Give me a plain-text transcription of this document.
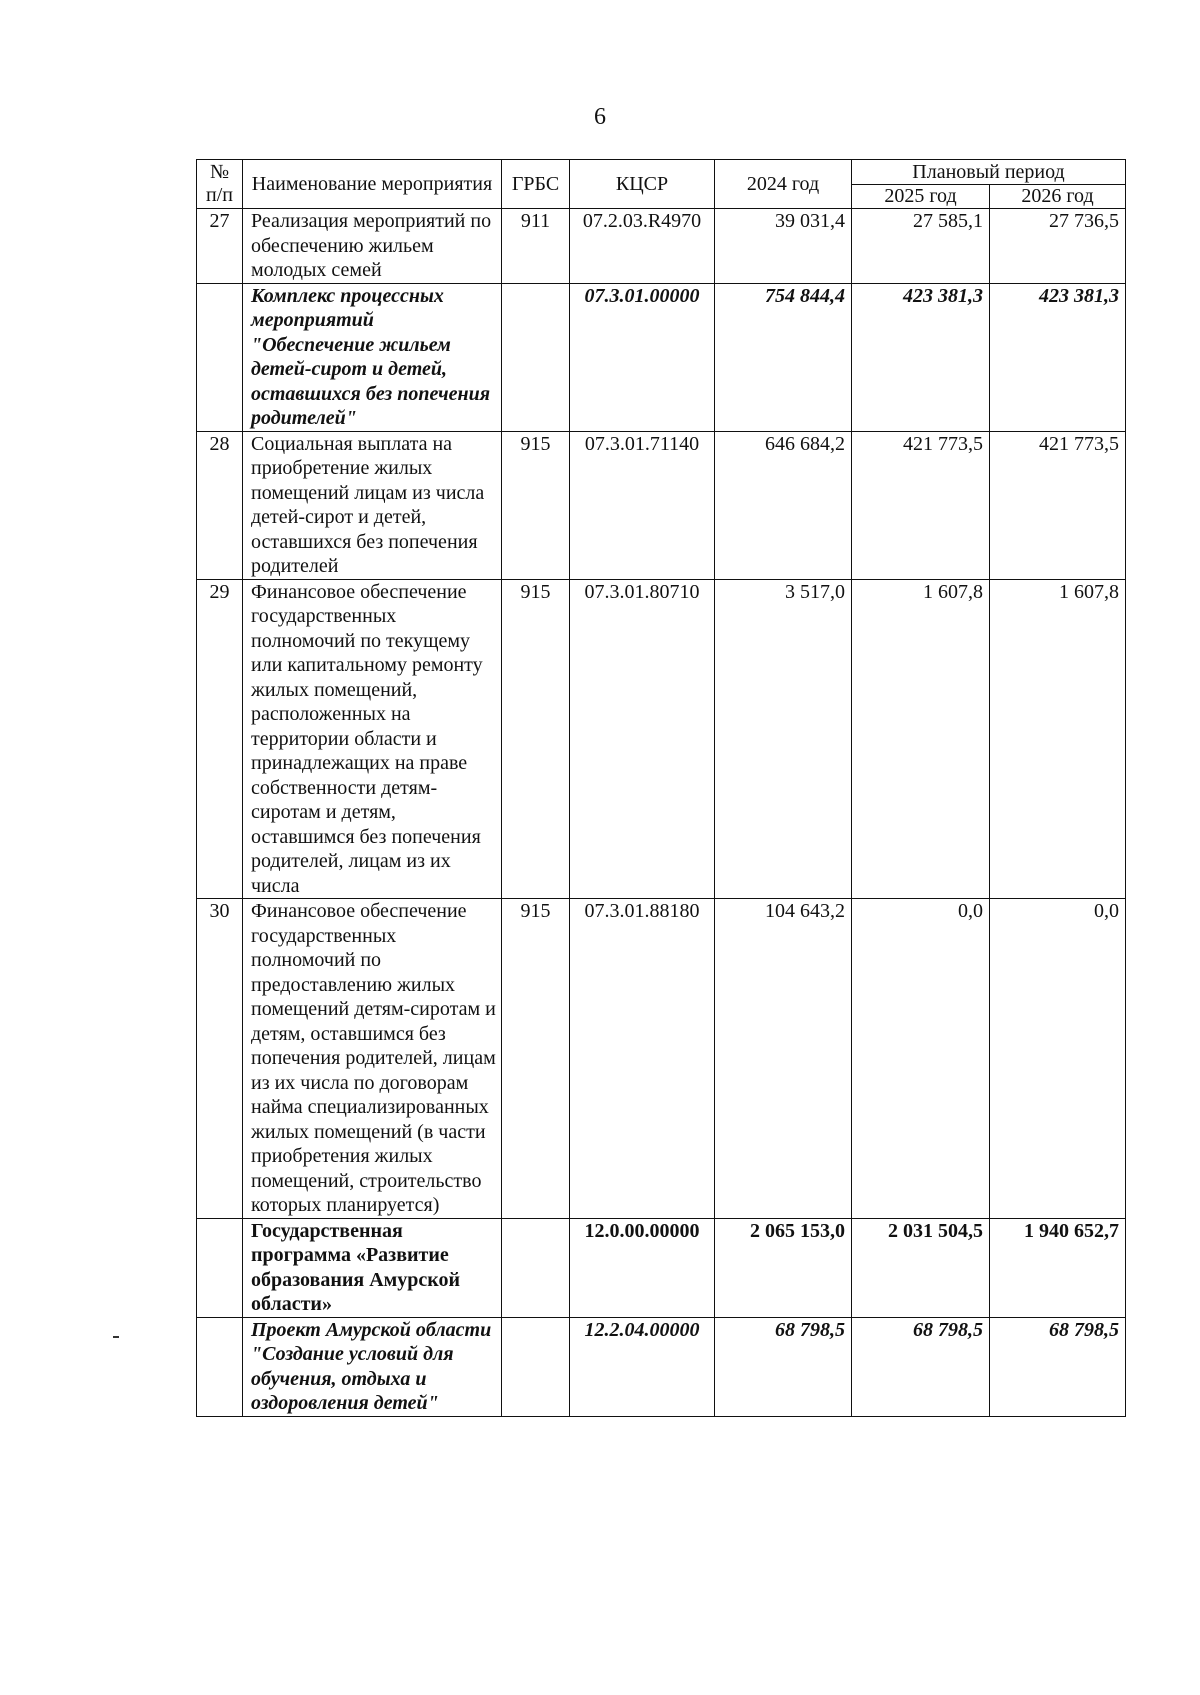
6
№ п/п	Наименование мероприятия	ГРБС	КЦСР	2024 год	Плановый период	
					2025 год	2026 год
27	Реализация мероприятий по обеспечению жильем молодых семей	911	07.2.03.R4970	39 031,4	27 585,1	27 736,5
	Комплекс процессных мероприятий "Обеспечение жильем детей-сирот и детей, оставшихся без попечения родителей"		07.3.01.00000	754 844,4	423 381,3	423 381,3
28	Социальная выплата на приобретение жилых помещений лицам из числа детей-сирот и детей, оставшихся без попечения родителей	915	07.3.01.71140	646 684,2	421 773,5	421 773,5
29	Финансовое обеспечение государственных полномочий по текущему или капитальному ремонту жилых помещений, расположенных на территории области и принадлежащих на праве собственности детям-сиротам и детям, оставшимся без попечения родителей, лицам из их числа	915	07.3.01.80710	3 517,0	1 607,8	1 607,8
30	Финансовое обеспечение государственных полномочий по предоставлению жилых помещений детям-сиротам и детям, оставшимся без попечения родителей, лицам из их числа по договорам найма специализированных жилых помещений (в части приобретения жилых помещений, строительство которых планируется)	915	07.3.01.88180	104 643,2	0,0	0,0
	Государственная программа «Развитие образования Амурской области»		12.0.00.00000	2 065 153,0	2 031 504,5	1 940 652,7
	Проект Амурской области "Создание условий для обучения, отдыха и оздоровления детей"		12.2.04.00000	68 798,5	68 798,5	68 798,5
